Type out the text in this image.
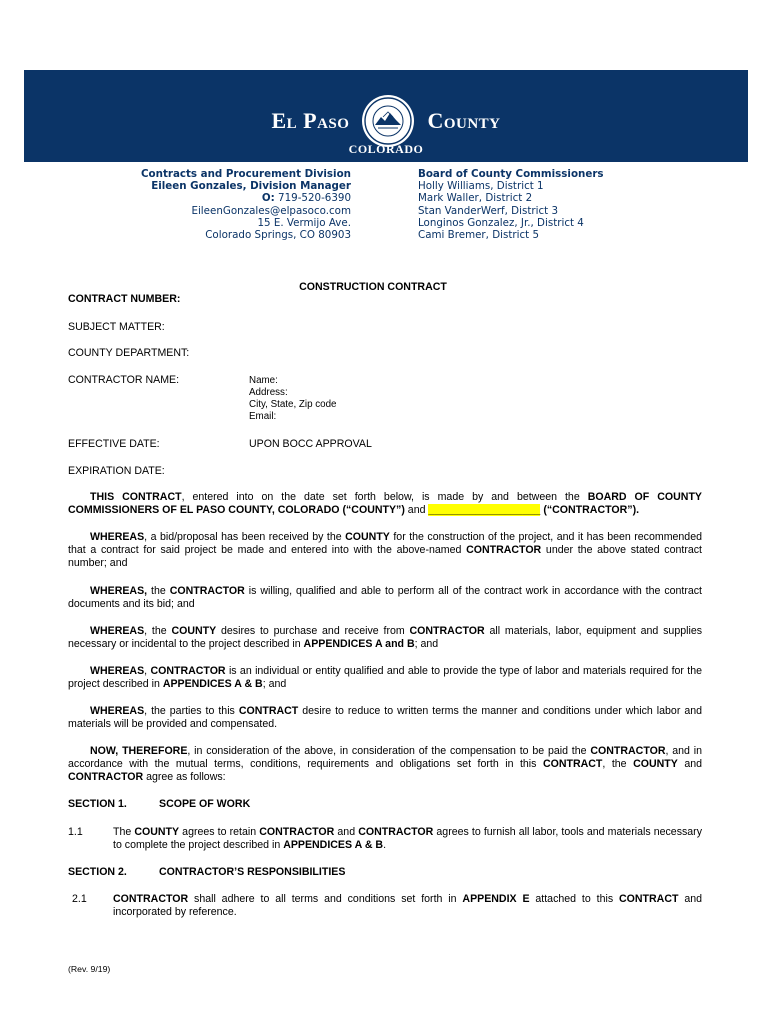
El Paso	County
COLORADO
Contracts and Procurement Division
Eileen Gonzales, Division Manager
O: 719-520-6390
EileenGonzales@elpasoco.com
15 E. Vermijo Ave.
Colorado Springs, CO 80903
Board of County Commissioners
Holly Williams, District 1
Mark Waller, District 2
Stan VanderWerf, District 3
Longinos Gonzalez, Jr., District 4
Cami Bremer, District 5
CONSTRUCTION CONTRACT
CONTRACT NUMBER:
SUBJECT MATTER:
COUNTY DEPARTMENT:
CONTRACTOR NAME:	Name:
Address:
City, State, Zip code
Email:
EFFECTIVE DATE:	UPON BOCC APPROVAL
EXPIRATION DATE:
THIS CONTRACT, entered into on the date set forth below, is made by and between the BOARD OF COUNTY COMMISSIONERS OF EL PASO COUNTY, COLORADO (“COUNTY”) and ___________________ (“CONTRACTOR”).
WHEREAS, a bid/proposal has been received by the COUNTY for the construction of the project, and it has been recommended that a contract for said project be made and entered into with the above-named CONTRACTOR under the above stated contract number; and
WHEREAS, the CONTRACTOR is willing, qualified and able to perform all of the contract work in accordance with the contract documents and its bid; and
WHEREAS, the COUNTY desires to purchase and receive from CONTRACTOR all materials, labor, equipment and supplies necessary or incidental to the project described in APPENDICES A and B; and
WHEREAS, CONTRACTOR is an individual or entity qualified and able to provide the type of labor and materials required for the project described in APPENDICES A & B; and
WHEREAS, the parties to this CONTRACT desire to reduce to written terms the manner and conditions under which labor and materials will be provided and compensated.
NOW, THEREFORE, in consideration of the above, in consideration of the compensation to be paid the CONTRACTOR, and in accordance with the mutual terms, conditions, requirements and obligations set forth in this CONTRACT, the COUNTY and CONTRACTOR agree as follows:
SECTION 1.	SCOPE OF WORK
1.1	The COUNTY agrees to retain CONTRACTOR and CONTRACTOR agrees to furnish all labor, tools and materials necessary to complete the project described in APPENDICES A & B.
SECTION 2.	CONTRACTOR’S RESPONSIBILITIES
2.1 CONTRACTOR shall adhere to all terms and conditions set forth in APPENDIX E attached to this CONTRACT and incorporated by reference.
(Rev. 9/19)
